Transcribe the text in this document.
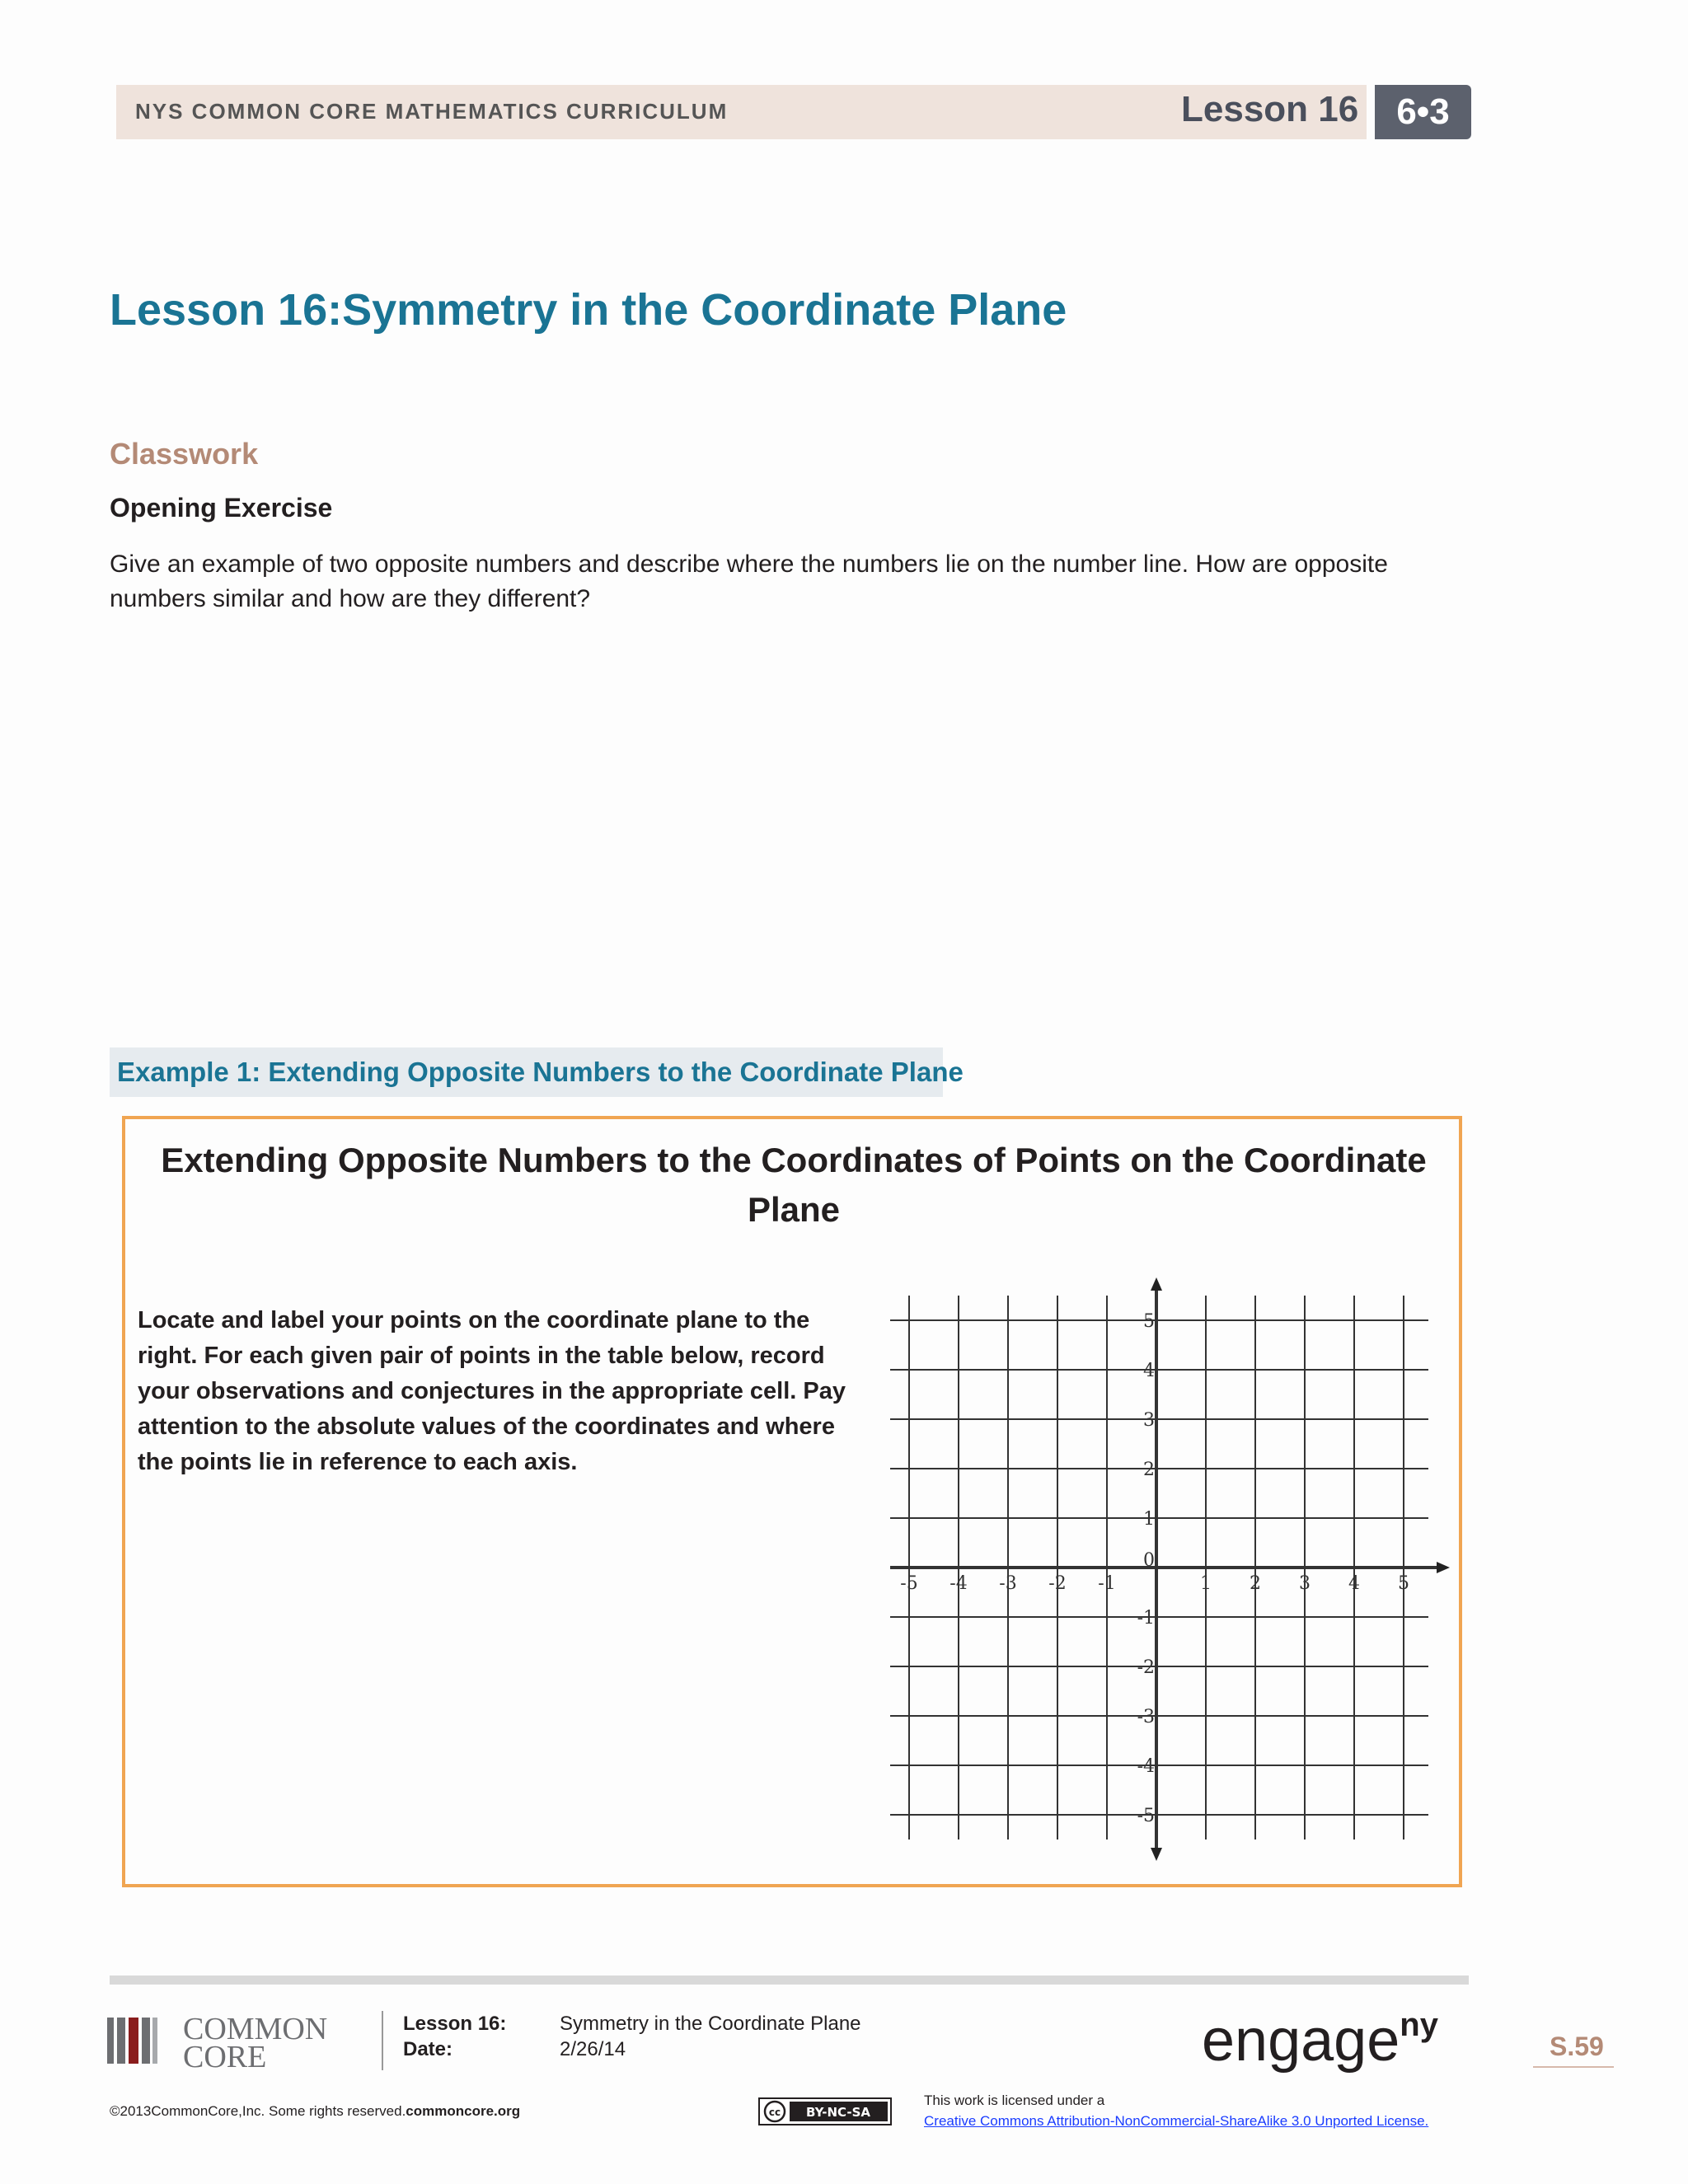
NYS COMMON CORE MATHEMATICS CURRICULUM	Lesson 16	6•3
Lesson 16:Symmetry in the Coordinate Plane
Classwork
Opening Exercise
Give an example of two opposite numbers and describe where the numbers lie on the number line. How are opposite numbers similar and how are they different?
Example 1: Extending Opposite Numbers to the Coordinate Plane
Extending Opposite Numbers to the Coordinates of Points on the Coordinate Plane
Locate and label your points on the coordinate plane to the right. For each given pair of points in the table below, record your observations and conjectures in the appropriate cell. Pay attention to the absolute values of the coordinates and where the points lie in reference to each axis.
-5 -4 -3 -2 -1	1 2 3 4 5
5
4
3
2
1
0
-1
-2
-3
-4
-5
COMMON
CORE
Lesson 16:
Date:
Symmetry in the Coordinate Plane
2/26/14	engage$^{ny}$
S.59
©2013CommonCore,Inc. Some rights reserved.commoncore.org	cc BY-NC-SA
This work is licensed under a
Creative Commons Attribution-NonCommercial-ShareAlike 3.0 Unported License.
